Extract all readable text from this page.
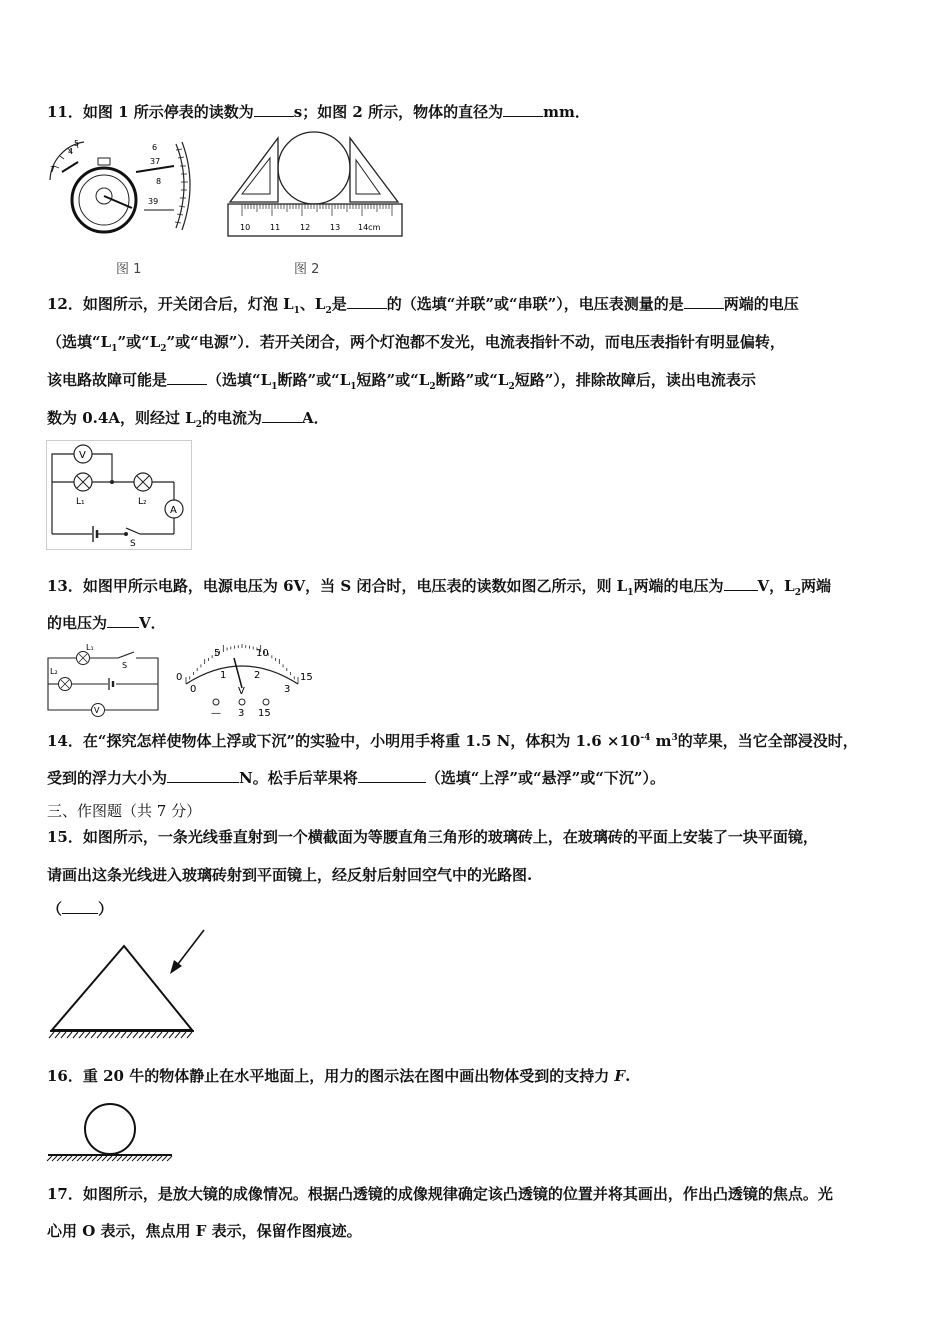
11．如图 1 所示停表的读数为	s；如图 2 所示，物体的直径为	mm．
6
37
8
39
4
5
7
图 1
10 11 12 13 14cm
图 2
12．如图所示，开关闭合后，灯泡 $L_1$、$L_2$是	的（选填“并联”或“串联”），电压表测量的是	两端的电压
（选填“$L_1$”或“$L_2$”或“电源”）．若开关闭合，两个灯泡都不发光，电流表指针不动，而电压表指针有明显偏转，
该电路故障可能是	（选填“$L_1$断路”或“$L_1$短路”或“$L_2$断路”或“$L_2$短路”），排除故障后，读出电流表示
数为 0.4A，则经过 $L_2$的电流为	A．
V
A
L₁	L₂
S
13．如图甲所示电路，电源电压为 6V，当 S 闭合时，电压表的读数如图乙所示，则 $L_1$两端的电压为 V，$L_2$两端
的电压为 V．
L₁
L₂
S
V
0
5	10
15
0
1	2
3
V
— 3 15
14．在“探究怎样使物体上浮或下沉”的实验中，小明用手将重 1.5 N，体积为 $1.6 \times 10^{-4}$ $m^3$的苹果，当它全部浸没时，
受到的浮力大小为	N。松手后苹果将	（选填“上浮”或“悬浮”或“下沉”）。
三、作图题（共 7 分）
15．如图所示，一条光线垂直射到一个横截面为等腰直角三角形的玻璃砖上，在玻璃砖的平面上安装了一块平面镜，
请画出这条光线进入玻璃砖射到平面镜上，经反射后射回空气中的光路图.
（ ）
16．重 20 牛的物体静止在水平地面上，用力的图示法在图中画出物体受到的支持力 F.
17．如图所示，是放大镜的成像情况。根据凸透镜的成像规律确定该凸透镜的位置并将其画出，作出凸透镜的焦点。光
心用 O 表示，焦点用 F 表示，保留作图痕迹。
